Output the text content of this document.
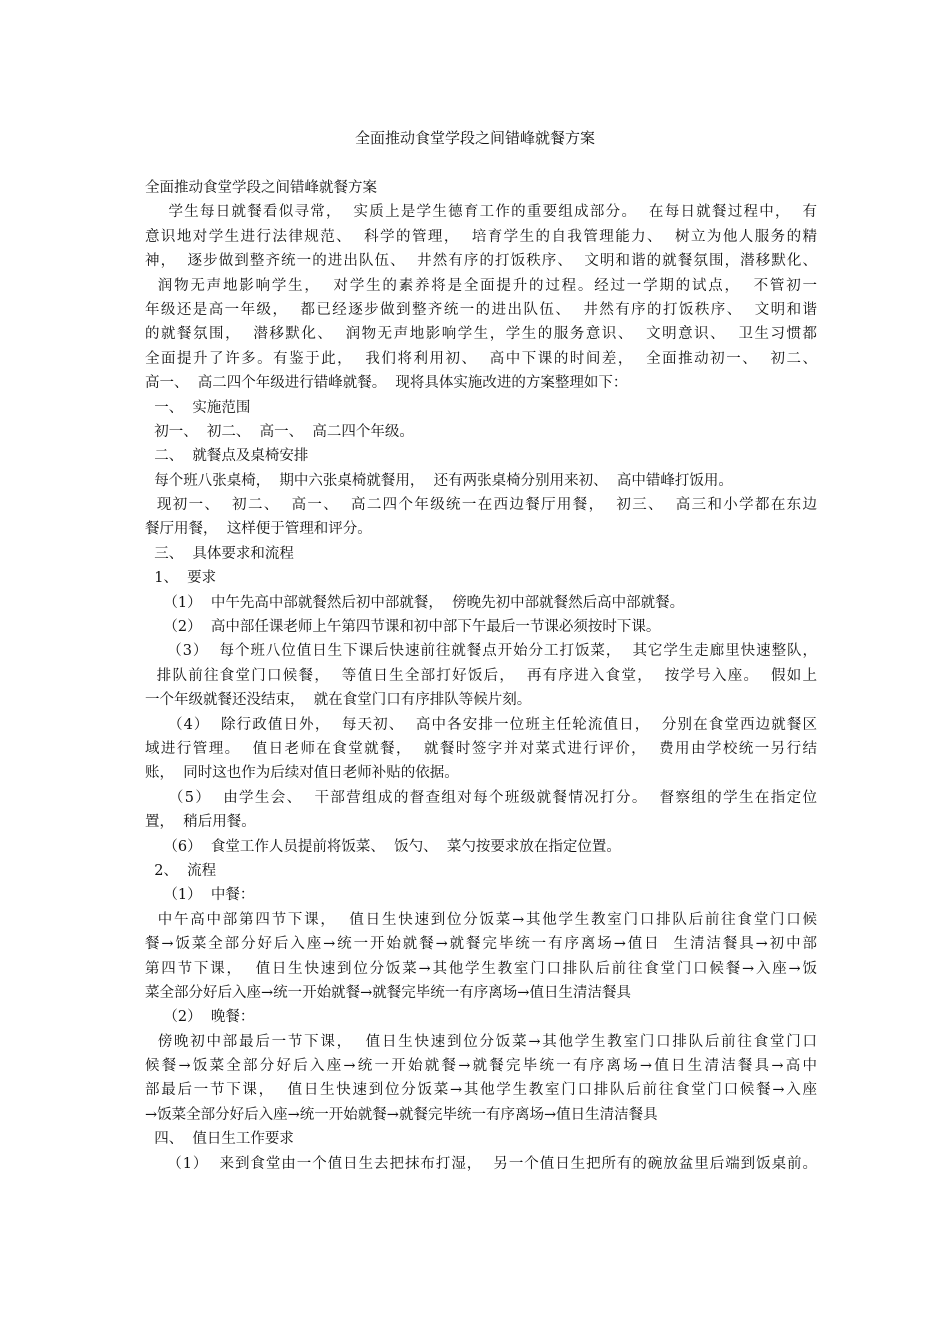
全面推动食堂学段之间错峰就餐方案

全面推动食堂学段之间错峰就餐方案

学生每日就餐看似寻常，  实质上是学生德育工作的重要组成部分。  在每日就餐过程中，  有

意识地对学生进行法律规范、  科学的管理，  培育学生的自我管理能力、  树立为他人服务的精

神，  逐步做到整齐统一的进出队伍、  井然有序的打饭秩序、  文明和谐的就餐氛围，潜移默化、

润物无声地影响学生，  对学生的素养将是全面提升的过程。经过一学期的试点，  不管初一

年级还是高一年级，  都已经逐步做到整齐统一的进出队伍、  井然有序的打饭秩序、  文明和谐

的就餐氛围，  潜移默化、  润物无声地影响学生，学生的服务意识、  文明意识、  卫生习惯都

全面提升了许多。有鉴于此，  我们将利用初、  高中下课的时间差，  全面推动初一、  初二、

高一、  高二四个年级进行错峰就餐。  现将具体实施改进的方案整理如下：

一、  实施范围

初一、  初二、  高一、  高二四个年级。

二、  就餐点及桌椅安排

每个班八张桌椅，  期中六张桌椅就餐用，  还有两张桌椅分别用来初、  高中错峰打饭用。

现初一、  初二、  高一、  高二四个年级统一在西边餐厅用餐，  初三、  高三和小学都在东边

餐厅用餐，  这样便于管理和评分。

三、  具体要求和流程

1、  要求

（1）  中午先高中部就餐然后初中部就餐，  傍晚先初中部就餐然后高中部就餐。

（2）  高中部任课老师上午第四节课和初中部下午最后一节课必须按时下课。

（3）  每个班八位值日生下课后快速前往就餐点开始分工打饭菜，  其它学生走廊里快速整队，

排队前往食堂门口候餐，  等值日生全部打好饭后，  再有序进入食堂，  按学号入座。  假如上

一个年级就餐还没结束，  就在食堂门口有序排队等候片刻。

（4）  除行政值日外，  每天初、  高中各安排一位班主任轮流值日，  分别在食堂西边就餐区

域进行管理。  值日老师在食堂就餐，  就餐时签字并对菜式进行评价，  费用由学校统一另行结

账，  同时这也作为后续对值日老师补贴的依据。

（5）  由学生会、  干部营组成的督查组对每个班级就餐情况打分。  督察组的学生在指定位

置，  稍后用餐。

（6）  食堂工作人员提前将饭菜、  饭勺、  菜勺按要求放在指定位置。

2、  流程

（1）  中餐：

中午高中部第四节下课，  值日生快速到位分饭菜→其他学生教室门口排队后前往食堂门口候

餐→饭菜全部分好后入座→统一开始就餐→就餐完毕统一有序离场→值日  生清洁餐具→初中部

第四节下课，  值日生快速到位分饭菜→其他学生教室门口排队后前往食堂门口候餐→入座→饭

菜全部分好后入座→统一开始就餐→就餐完毕统一有序离场→值日生清洁餐具

（2）  晚餐：

傍晚初中部最后一节下课，  值日生快速到位分饭菜→其他学生教室门口排队后前往食堂门口

候餐→饭菜全部分好后入座→统一开始就餐→就餐完毕统一有序离场→值日生清洁餐具→高中

部最后一节下课，  值日生快速到位分饭菜→其他学生教室门口排队后前往食堂门口候餐→入座

→饭菜全部分好后入座→统一开始就餐→就餐完毕统一有序离场→值日生清洁餐具

四、  值日生工作要求

（1）  来到食堂由一个值日生去把抹布打湿，  另一个值日生把所有的碗放盆里后端到饭桌前。
